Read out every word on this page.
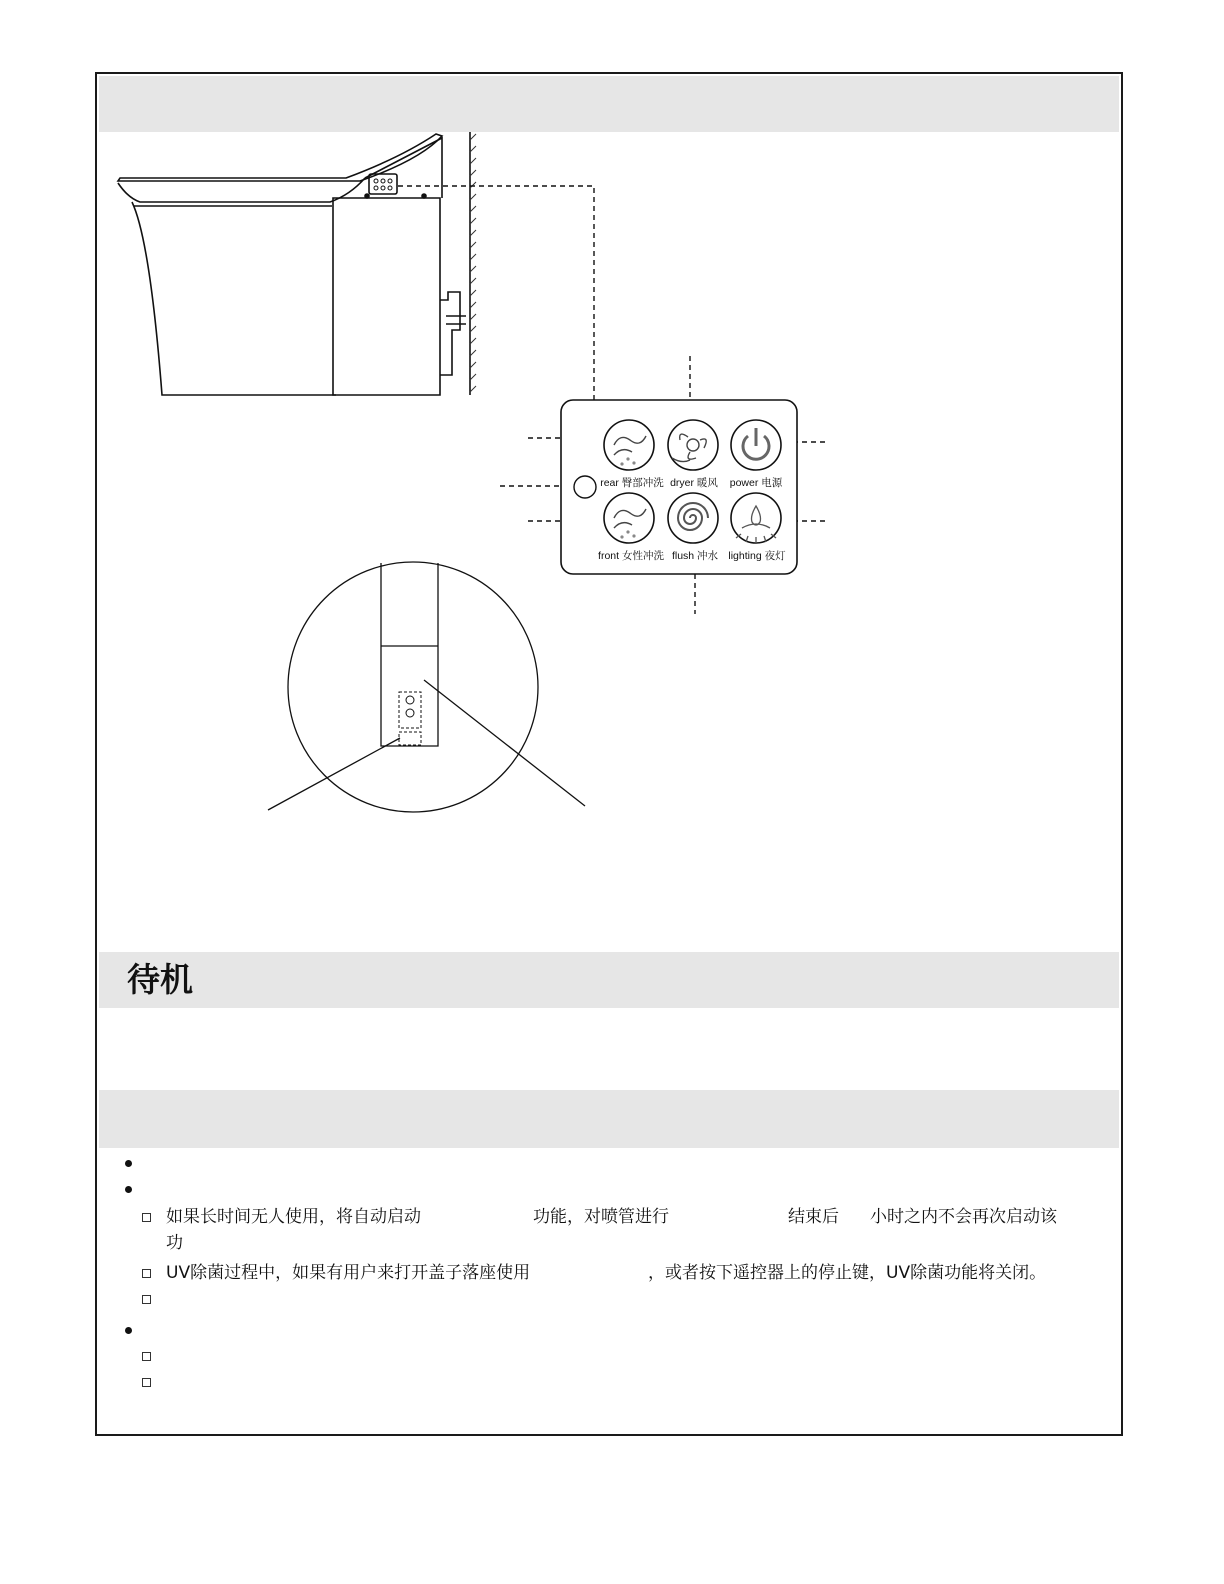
待机
rear 臀部冲洗 dryer 暖风 power 电源
front 女性冲洗 flush 冲水 lighting 夜灯
如果长时间无人使用，将自动启动	功能，对喷管进行	结束后 小时之内不会再次启动该
功
UV除菌过程中，如果有用户来打开盖子落座使用	，或者按下遥控器上的停止键，UV除菌功能将关闭。
